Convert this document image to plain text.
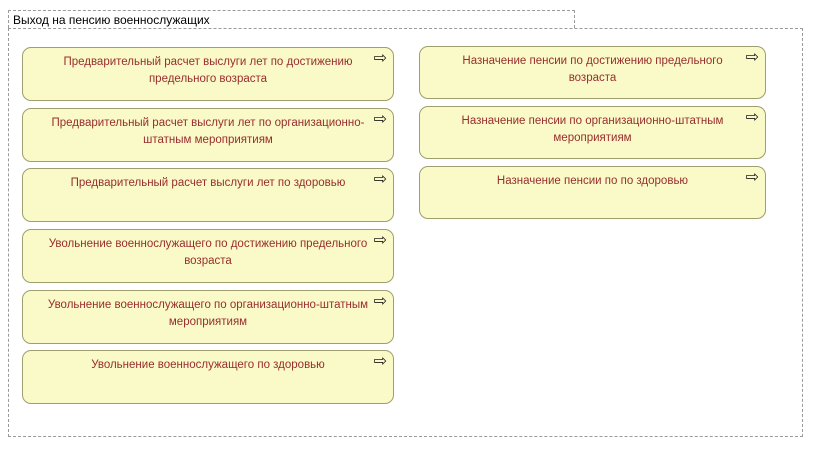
Выход на пенсию военнослужащих
Предварительный расчет выслуги лет по достижению предельного возраста
⇨
Предварительный расчет выслуги лет по организационно-штатным мероприятиям
⇨
Предварительный расчет выслуги лет по здоровью	⇨
Увольнение военнослужащего по достижению предельного возраста
⇨
Увольнение военнослужащего по организационно-штатным мероприятиям
⇨
Увольнение военнослужащего по здоровью	⇨
Назначение пенсии по достижению предельного возраста
⇨
Назначение пенсии по организационно-штатным мероприятиям
⇨
Назначение пенсии по по здоровью	⇨
